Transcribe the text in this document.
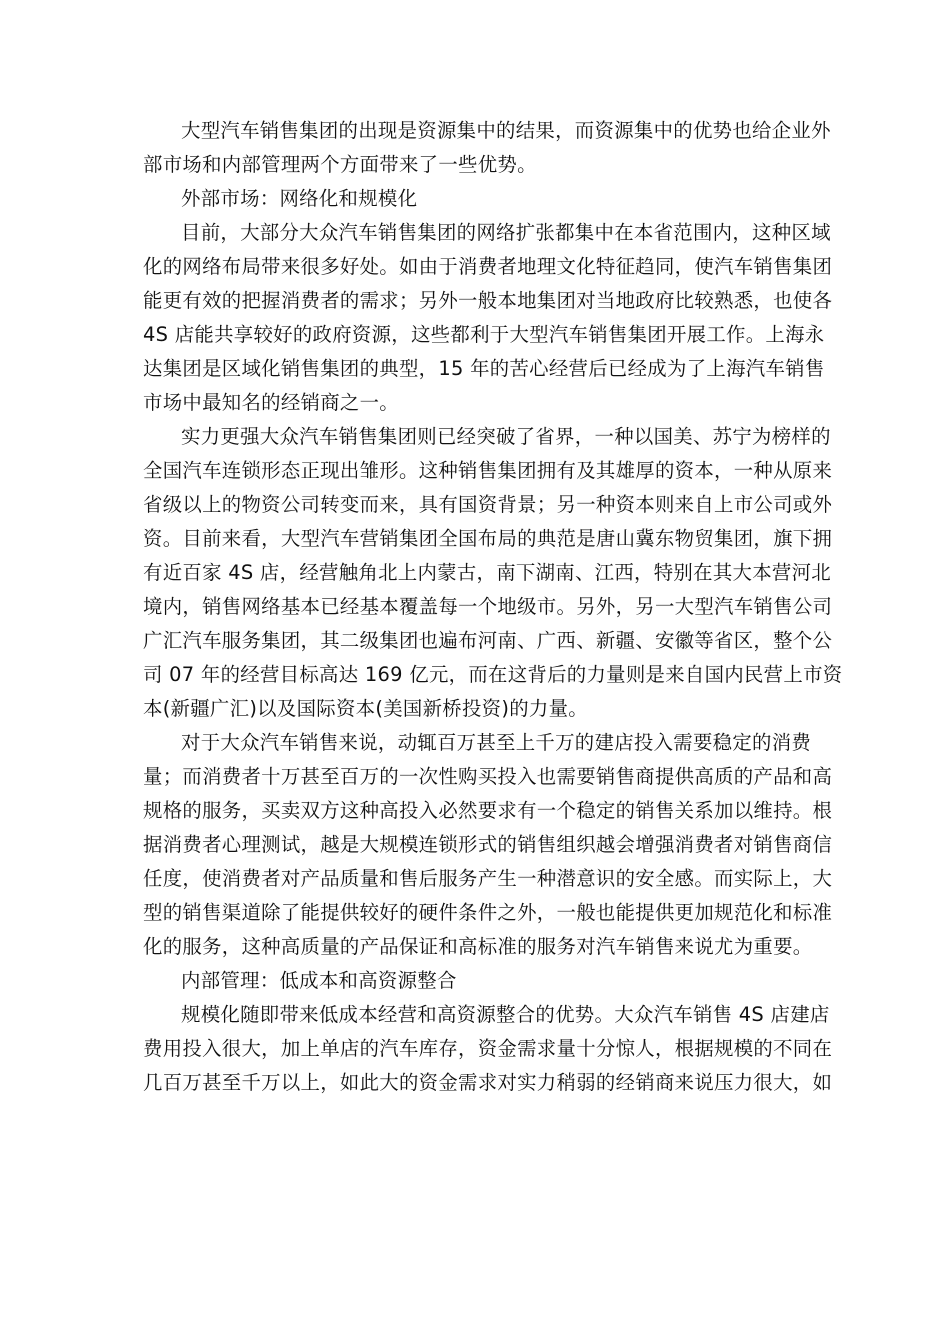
大型汽车销售集团的出现是资源集中的结果，而资源集中的优势也给企业外
部市场和内部管理两个方面带来了一些优势。
外部市场：网络化和规模化
目前，大部分大众汽车销售集团的网络扩张都集中在本省范围内，这种区域
化的网络布局带来很多好处。如由于消费者地理文化特征趋同，使汽车销售集团
能更有效的把握消费者的需求；另外一般本地集团对当地政府比较熟悉，也使各
4S 店能共享较好的政府资源，这些都利于大型汽车销售集团开展工作。上海永
达集团是区域化销售集团的典型，15 年的苦心经营后已经成为了上海汽车销售
市场中最知名的经销商之一。
实力更强大众汽车销售集团则已经突破了省界，一种以国美、苏宁为榜样的
全国汽车连锁形态正现出雏形。这种销售集团拥有及其雄厚的资本，一种从原来
省级以上的物资公司转变而来，具有国资背景；另一种资本则来自上市公司或外
资。目前来看，大型汽车营销集团全国布局的典范是唐山冀东物贸集团，旗下拥
有近百家 4S 店，经营触角北上内蒙古，南下湖南、江西，特别在其大本营河北
境内，销售网络基本已经基本覆盖每一个地级市。另外，另一大型汽车销售公司
广汇汽车服务集团，其二级集团也遍布河南、广西、新疆、安徽等省区，整个公
司 07 年的经营目标高达 169 亿元，而在这背后的力量则是来自国内民营上市资
本(新疆广汇)以及国际资本(美国新桥投资)的力量。
对于大众汽车销售来说，动辄百万甚至上千万的建店投入需要稳定的消费
量；而消费者十万甚至百万的一次性购买投入也需要销售商提供高质的产品和高
规格的服务，买卖双方这种高投入必然要求有一个稳定的销售关系加以维持。根
据消费者心理测试，越是大规模连锁形式的销售组织越会增强消费者对销售商信
任度，使消费者对产品质量和售后服务产生一种潜意识的安全感。而实际上，大
型的销售渠道除了能提供较好的硬件条件之外，一般也能提供更加规范化和标准
化的服务，这种高质量的产品保证和高标准的服务对汽车销售来说尤为重要。
内部管理：低成本和高资源整合
规模化随即带来低成本经营和高资源整合的优势。大众汽车销售 4S 店建店
费用投入很大，加上单店的汽车库存，资金需求量十分惊人，根据规模的不同在
几百万甚至千万以上，如此大的资金需求对实力稍弱的经销商来说压力很大，如
